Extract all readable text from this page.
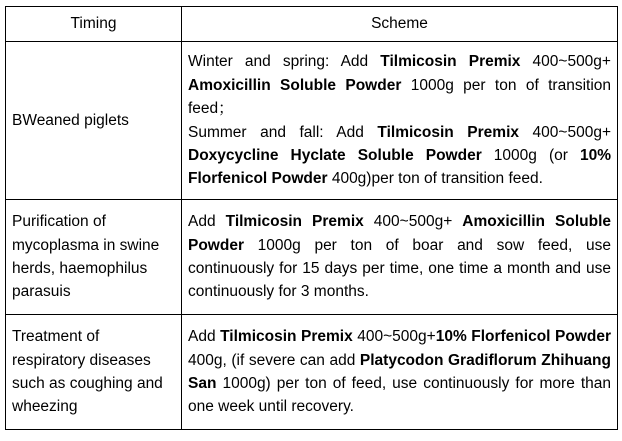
Timing	Scheme
BWeaned piglets	Winter and spring: Add Tilmicosin Premix 400~500g+ Amoxicillin Soluble Powder 1000g per ton of transition feed；

Summer and fall: Add Tilmicosin Premix 400~500g+ Doxycycline Hyclate Soluble Powder 1000g (or 10% Florfenicol Powder 400g)per ton of transition feed.

Purification of mycoplasma in swine herds, haemophilus parasuis	Add Tilmicosin Premix 400~500g+ Amoxicillin Soluble Powder 1000g per ton of boar and sow feed, use continuously for 15 days per time, one time a month and use continuously for 3 months.

Treatment of respiratory diseases such as coughing and wheezing	Add Tilmicosin Premix 400~500g+10% Florfenicol Powder 400g, (if severe can add Platycodon Gradiflorum Zhihuang San 1000g) per ton of feed, use continuously for more than one week until recovery.
